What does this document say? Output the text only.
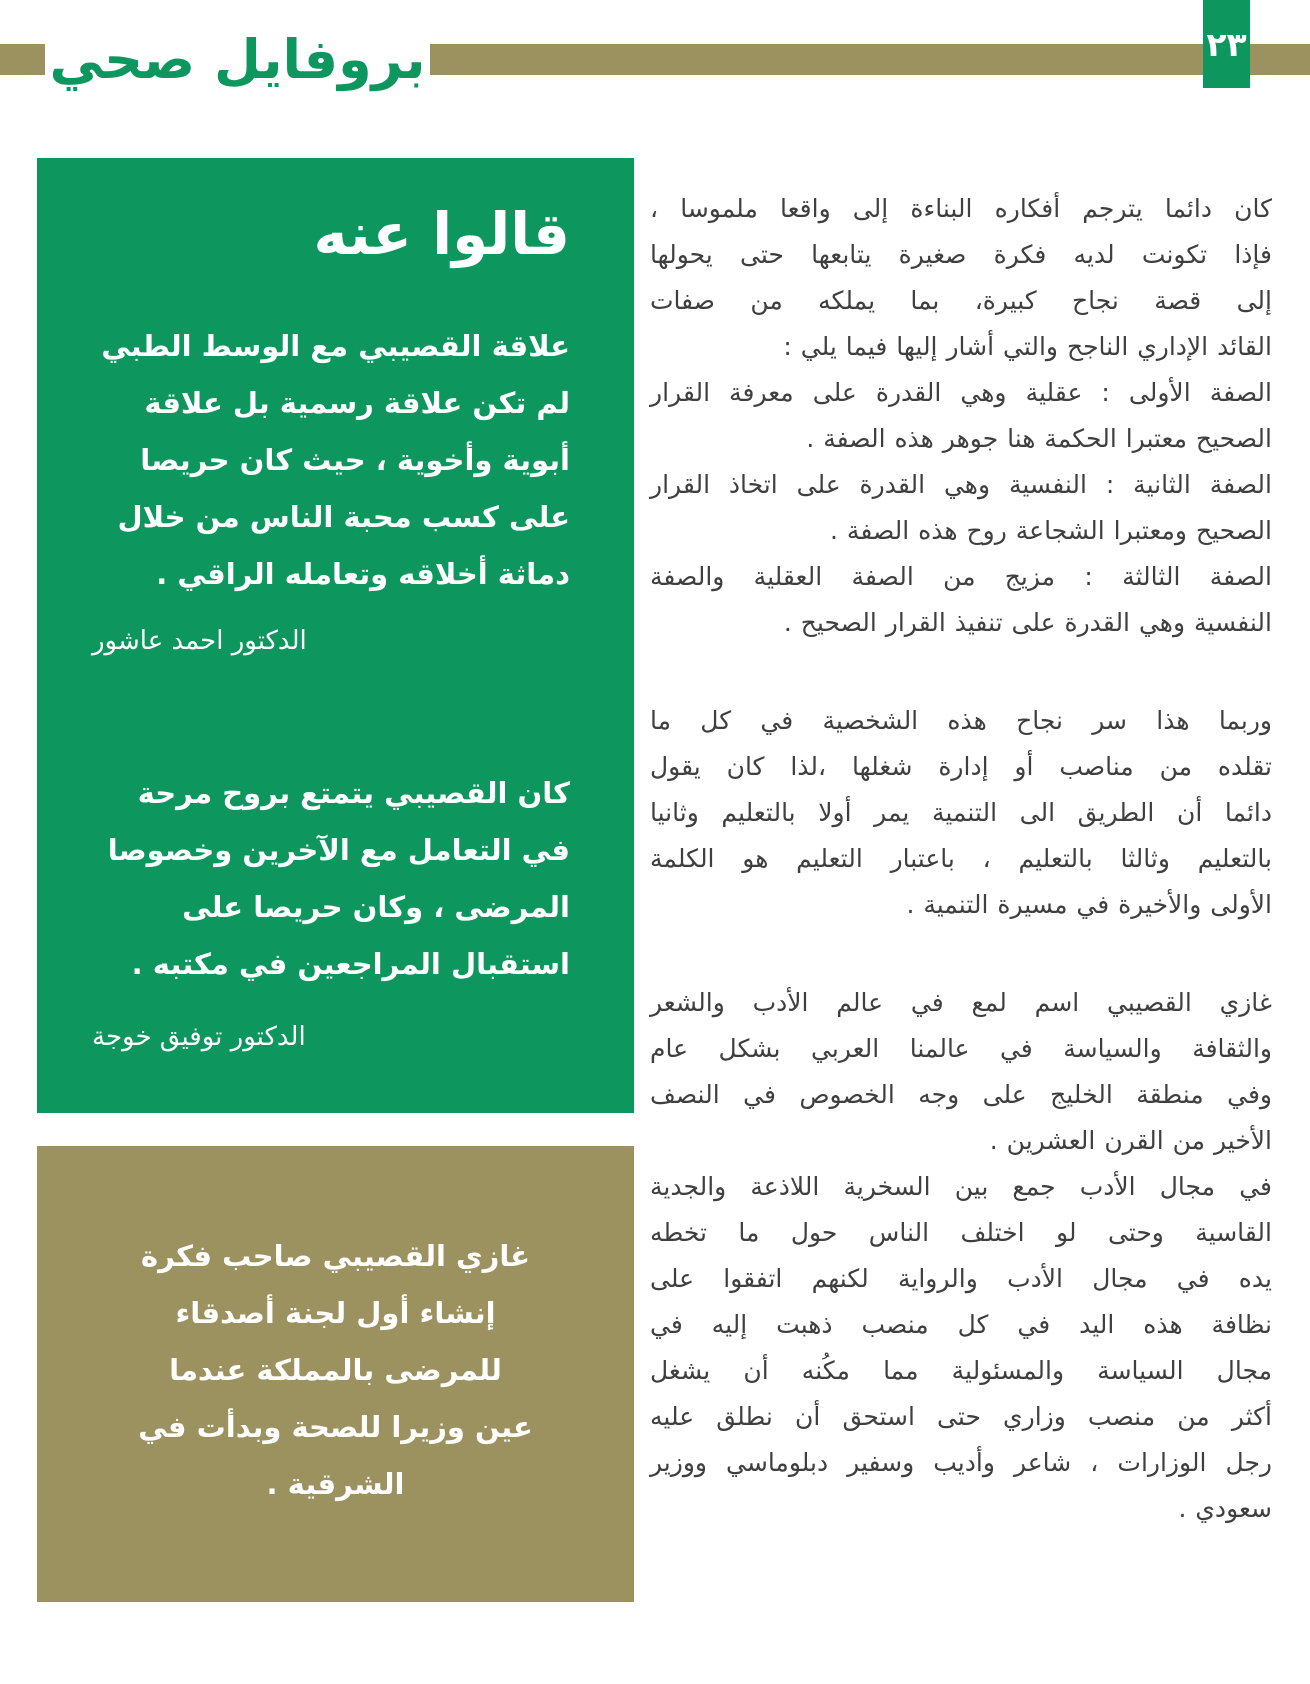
بروفايل صحي	٢٣
قالوا عنه

علاقة القصيبي مع الوسط الطبي

لم تكن علاقة رسمية بل علاقة

أبوية وأخوية ، حيث كان حريصا

على كسب محبة الناس من خلال

دماثة أخلاقه وتعامله الراقي .

الدكتور احمد عاشور

كان القصيبي يتمتع بروح مرحة

في التعامل مع الآخرين وخصوصا

المرضى ، وكان حريصا على

استقبال المراجعين في مكتبه .

الدكتور توفيق خوجة

غازي القصيبي صاحب فكرة

إنشاء أول لجنة أصدقاء

للمرضى بالمملكة عندما

عين وزيرا للصحة وبدأت في

الشرقية .

كان دائما يترجم أفكاره البناءة إلى واقعا ملموسا ،

فإذا تكونت لديه فكرة صغيرة يتابعها حتى يحولها

إلى قصة نجاح كبيرة، بما يملكه من صفات

القائد الإداري الناجح والتي أشار إليها فيما يلي :

الصفة الأولى : عقلية وهي القدرة على معرفة القرار

الصحيح معتبرا الحكمة هنا جوهر هذه الصفة .

الصفة الثانية : النفسية وهي القدرة على اتخاذ القرار

الصحيح ومعتبرا الشجاعة روح هذه الصفة .

الصفة الثالثة : مزيج من الصفة العقلية والصفة

النفسية وهي القدرة على تنفيذ القرار الصحيح .

وربما هذا سر نجاح هذه الشخصية في كل ما

تقلده من مناصب أو إدارة شغلها ،لذا كان يقول

دائما أن الطريق الى التنمية يمر أولا بالتعليم وثانيا

بالتعليم وثالثا بالتعليم ، باعتبار التعليم هو الكلمة

الأولى والأخيرة في مسيرة التنمية .

غازي القصيبي اسم لمع في عالم الأدب والشعر

والثقافة والسياسة في عالمنا العربي بشكل عام

وفي منطقة الخليج على وجه الخصوص في النصف

الأخير من القرن العشرين .

في مجال الأدب جمع بين السخرية اللاذعة والجدية

القاسية وحتى لو اختلف الناس حول ما تخطه

يده في مجال الأدب والرواية لكنهم اتفقوا على

نظافة هذه اليد في كل منصب ذهبت إليه في

مجال السياسة والمسئولية مما مكُنه أن يشغل

أكثر من منصب وزاري حتى استحق أن نطلق عليه

رجل الوزارات ، شاعر وأديب وسفير دبلوماسي ووزير

سعودي .
